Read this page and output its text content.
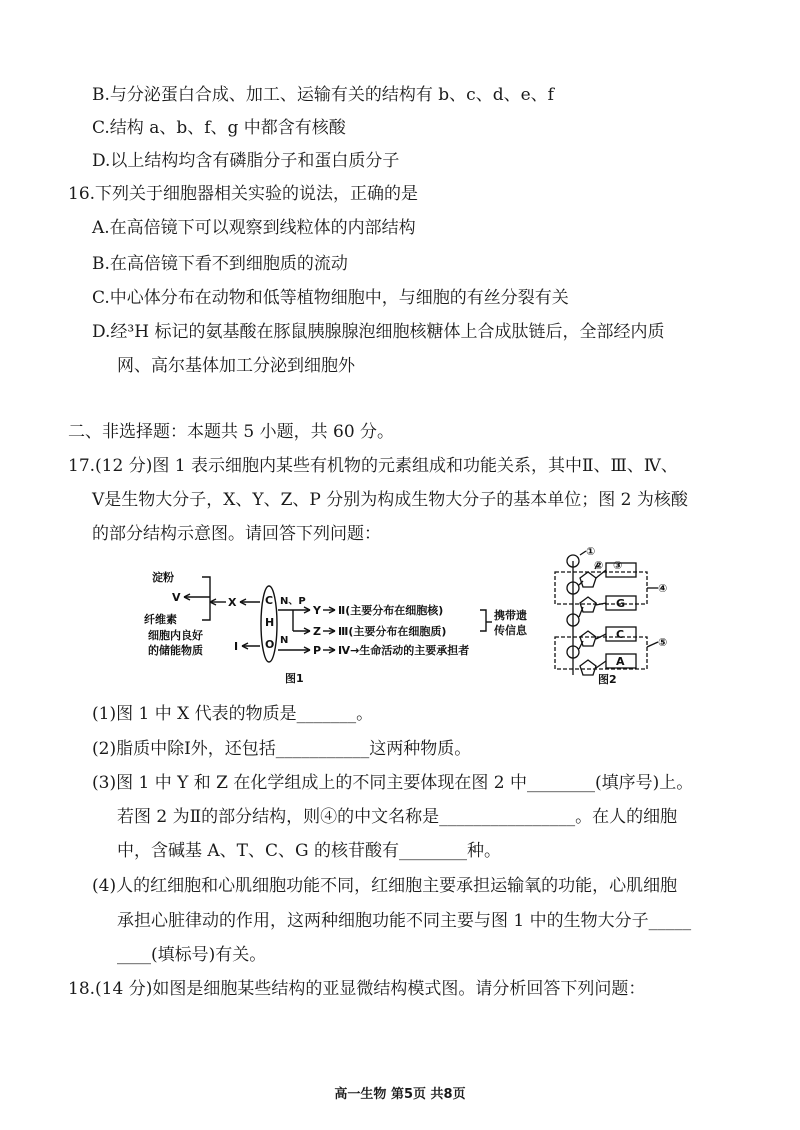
B.与分泌蛋白合成、加工、运输有关的结构有 b、c、d、e、f
C.结构 a、b、f、g 中都含有核酸
D.以上结构均含有磷脂分子和蛋白质分子
16.下列关于细胞器相关实验的说法，正确的是
A.在高倍镜下可以观察到线粒体的内部结构
B.在高倍镜下看不到细胞质的流动
C.中心体分布在动物和低等植物细胞中，与细胞的有丝分裂有关
D.经³H 标记的氨基酸在豚鼠胰腺腺泡细胞核糖体上合成肽链后，全部经内质
网、高尔基体加工分泌到细胞外
二、非选择题：本题共 5 小题，共 60 分。
17.(12 分)图 1 表示细胞内某些有机物的元素组成和功能关系，其中Ⅱ、Ⅲ、Ⅳ、
Ⅴ是生物大分子，X、Y、Z、P 分别为构成生物大分子的基本单位；图 2 为核酸
的部分结构示意图。请回答下列问题：
淀粉
V
纤维素
细胞内良好
的储能物质	I
X	C
H
O
N、P
N
Y
Z
P
Ⅱ(主要分布在细胞核)
Ⅲ(主要分布在细胞质)
Ⅳ→生命活动的主要承担者
携带遗
传信息
图1
①
② ③
④
⑤
G
C
A
图2
(1)图 1 中 X 代表的物质是_______。
(2)脂质中除Ⅰ外，还包括___________这两种物质。
(3)图 1 中 Y 和 Z 在化学组成上的不同主要体现在图 2 中________(填序号)上。
若图 2 为Ⅱ的部分结构，则④的中文名称是________________。在人的细胞
中，含碱基 A、T、C、G 的核苷酸有________种。
(4)人的红细胞和心肌细胞功能不同，红细胞主要承担运输氧的功能，心肌细胞
承担心脏律动的作用，这两种细胞功能不同主要与图 1 中的生物大分子_____
____(填标号)有关。
18.(14 分)如图是细胞某些结构的亚显微结构模式图。请分析回答下列问题：
高一生物 第5页 共8页
